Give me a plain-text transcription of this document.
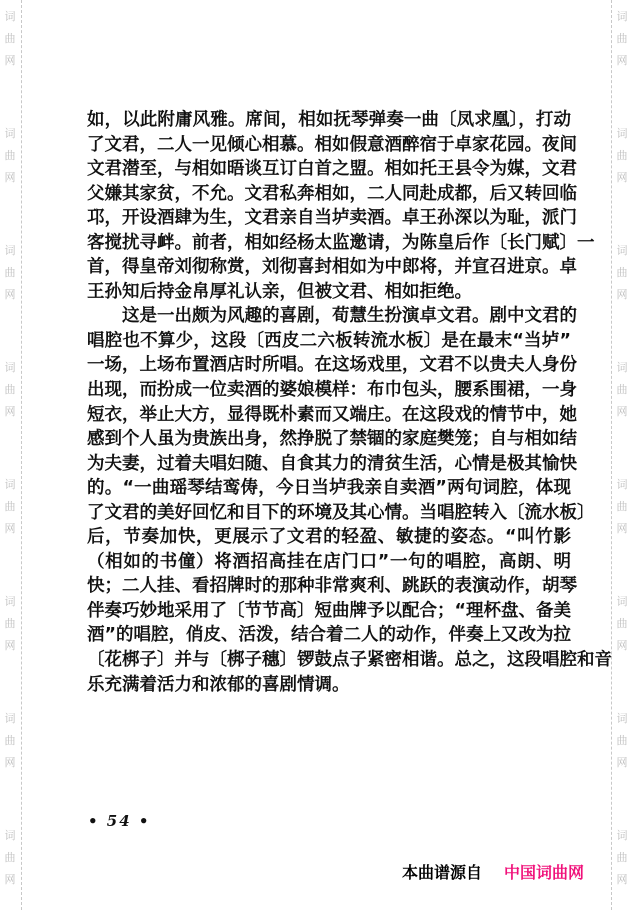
词
曲
网
词
曲
网
词
曲
网
词
曲
网
词
曲
网
词
曲
网
词
曲
网
词
曲
网
词
曲
网
词
曲
网
词
曲
网
词
曲
网
词
曲
网
词
曲
网
词
曲
网
词
曲
网
如，以此附庸风雅。席间，相如抚琴弹奏一曲〔凤求凰〕，打动
了文君，二人一见倾心相慕。相如假意酒醉宿于卓家花园。夜间
文君潜至，与相如晤谈互订白首之盟。相如托王县令为媒，文君
父嫌其家贫，不允。文君私奔相如，二人同赴成都，后又转回临
邛，开设酒肆为生，文君亲自当垆卖酒。卓王孙深以为耻，派门
客搅扰寻衅。前者，相如经杨太监邀请，为陈皇后作〔长门赋〕一
首，得皇帝刘彻称赏，刘彻喜封相如为中郎将，并宣召进京。卓
王孙知后持金帛厚礼认亲，但被文君、相如拒绝。
这是一出颇为风趣的喜剧，荀慧生扮演卓文君。剧中文君的
唱腔也不算少，这段〔西皮二六板转流水板〕是在最末“当垆”
一场，上场布置酒店时所唱。在这场戏里，文君不以贵夫人身份
出现，而扮成一位卖酒的婆娘模样：布巾包头，腰系围裙，一身
短衣，举止大方，显得既朴素而又端庄。在这段戏的情节中，她
感到个人虽为贵族出身，然挣脱了禁锢的家庭樊笼；自与相如结
为夫妻，过着夫唱妇随、自食其力的清贫生活，心情是极其愉快
的。“一曲瑶琴结鸾俦，今日当垆我亲自卖酒”两句词腔，体现
了文君的美好回忆和目下的环境及其心情。当唱腔转入〔流水板〕
后，节奏加快，更展示了文君的轻盈、敏捷的姿态。“叫竹影
（相如的书僮）将酒招高挂在店门口”一句的唱腔，高朗、明
快；二人挂、看招牌时的那种非常爽利、跳跃的表演动作，胡琴
伴奏巧妙地采用了〔节节高〕短曲牌予以配合；“理杯盘、备美
酒”的唱腔，俏皮、活泼，结合着二人的动作，伴奏上又改为拉
〔花梆子〕并与〔梆子穗〕锣鼓点子紧密相谐。总之，这段唱腔和音
乐充满着活力和浓郁的喜剧情调。
• 54 •
本曲谱源自 中国词曲网
